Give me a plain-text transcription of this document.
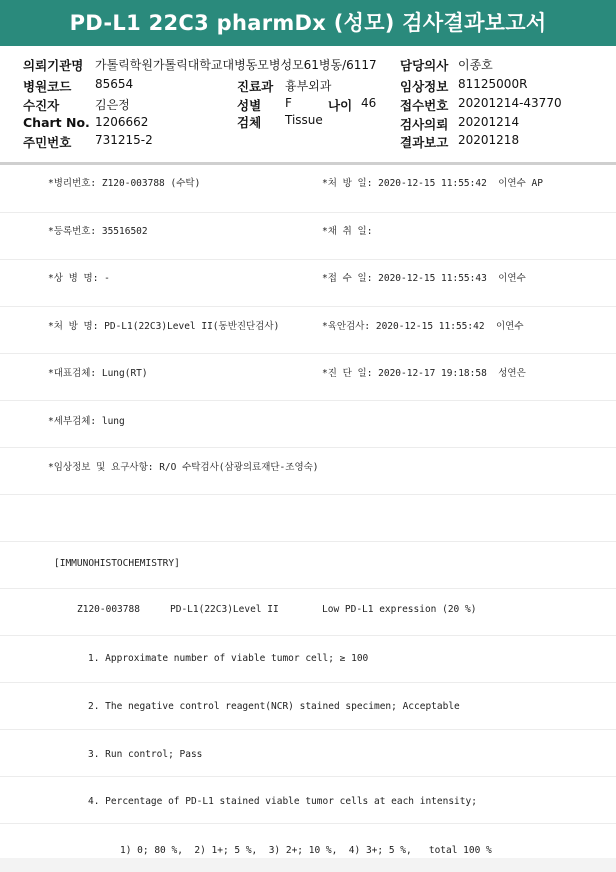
PD-L1 22C3 pharmDx (성모) 검사결과보고서
의뢰기관명 가톨릭학원가톨릭대학교대병동모병성모61병동/6117 담당의사 이종호
병원코드 85654	진료과 흉부외과	임상정보 81125000R
수진자	김은정	성별 F	나이 46 접수번호 20201214-43770
Chart No. 1206662	검체 Tissue	검사의뢰 20201214
주민번호 731215-2	결과보고 20201218
*병리번호: Z120-003788 (수탁)	*처 방 일: 2020-12-15 11:55:42  이연수 AP
*등록번호: 35516502	*채 취 일:
*상 병 명: -	*접 수 일: 2020-12-15 11:55:43  이연수
*처 방 명: PD-L1(22C3)Level II(동반진단검사)	*육안검사: 2020-12-15 11:55:42  이연수
*대표검체: Lung(RT)	*진 단 일: 2020-12-17 19:18:58  성연은
*세부검체: lung
*임상정보 및 요구사항: R/O 수탁검사(삼광의료재단-조영숙)
[IMMUNOHISTOCHEMISTRY]
Z120-003788	PD-L1(22C3)Level II	Low PD-L1 expression (20 %)
1. Approximate number of viable tumor cell; ≥ 100
2. The negative control reagent(NCR) stained specimen; Acceptable
3. Run control; Pass
4. Percentage of PD-L1 stained viable tumor cells at each intensity;
1) 0; 80 %,  2) 1+; 5 %,  3) 2+; 10 %,  4) 3+; 5 %,   total 100 %
